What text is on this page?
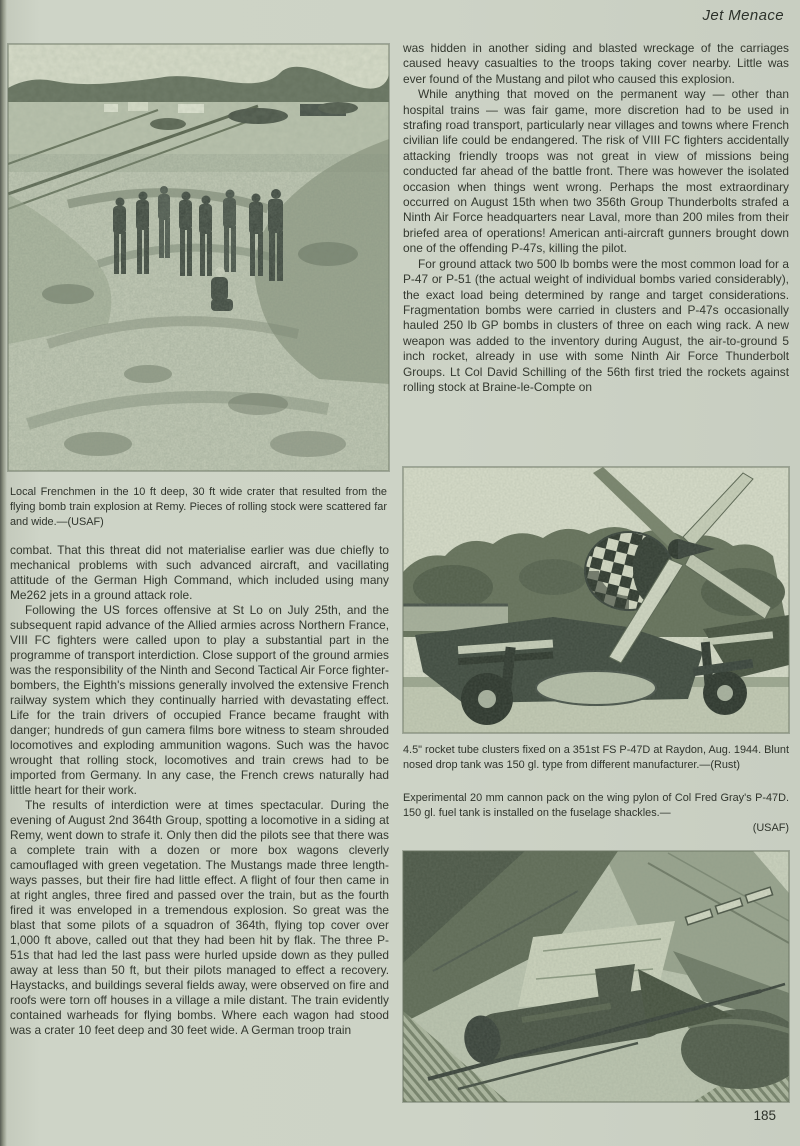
Jet Menace
Local Frenchmen in the 10 ft deep, 30 ft wide crater that resulted from the flying bomb train explosion at Remy. Pieces of rolling stock were scattered far and wide.—(USAF)

combat. That this threat did not materialise earlier was due chiefly to mechanical problems with such advanced aircraft, and vacillating attitude of the German High Command, which included using many Me262 jets in a ground attack role.

Following the US forces offensive at St Lo on July 25th, and the subsequent rapid advance of the Allied armies across Northern France, VIII FC fighters were called upon to play a substantial part in the programme of transport interdiction. Close support of the ground armies was the responsibility of the Ninth and Second Tactical Air Force fighter-bombers, the Eighth's missions generally involved the extensive French railway system which they continually harried with devastating effect. Life for the train drivers of occupied France became fraught with danger; hundreds of gun camera films bore witness to steam shrouded locomotives and exploding ammunition wagons. Such was the havoc wrought that rolling stock, locomotives and train crews had to be imported from Germany. In any case, the French crews naturally had little heart for their work.

The results of interdiction were at times spectacular. During the evening of August 2nd 364th Group, spotting a locomotive in a siding at Remy, went down to strafe it. Only then did the pilots see that there was a complete train with a dozen or more box wagons cleverly camouflaged with green vegetation. The Mustangs made three length-ways passes, but their fire had little effect. A flight of four then came in at right angles, three fired and passed over the train, but as the fourth fired it was enveloped in a tremendous explosion. So great was the blast that some pilots of a squadron of 364th, flying top cover over 1,000 ft above, called out that they had been hit by flak. The three P-51s that had led the last pass were hurled upside down as they pulled away at less than 50 ft, but their pilots managed to effect a recovery. Haystacks, and buildings several fields away, were observed on fire and roofs were torn off houses in a village a mile distant. The train evidently contained warheads for flying bombs. Where each wagon had stood was a crater 10 feet deep and 30 feet wide. A German troop train

was hidden in another siding and blasted wreckage of the carriages caused heavy casualties to the troops taking cover nearby. Little was ever found of the Mustang and pilot who caused this explosion.

While anything that moved on the permanent way — other than hospital trains — was fair game, more discretion had to be used in strafing road transport, particularly near villages and towns where French civilian life could be endangered. The risk of VIII FC fighters accidentally attacking friendly troops was not great in view of missions being conducted far ahead of the battle front. There was however the isolated occasion when things went wrong. Perhaps the most extraordinary occurred on August 15th when two 356th Group Thunderbolts strafed a Ninth Air Force headquarters near Laval, more than 200 miles from their briefed area of operations! American anti-aircraft gunners brought down one of the offending P-47s, killing the pilot.

For ground attack two 500 lb bombs were the most common load for a P-47 or P-51 (the actual weight of individual bombs varied considerably), the exact load being determined by range and target considerations. Fragmentation bombs were carried in clusters and P-47s occasionally hauled 250 lb GP bombs in clusters of three on each wing rack. A new weapon was added to the inventory during August, the air-to-ground 5 inch rocket, already in use with some Ninth Air Force Thunderbolt Groups. Lt Col David Schilling of the 56th first tried the rockets against rolling stock at Braine-le-Compte on

4.5" rocket tube clusters fixed on a 351st FS P-47D at Raydon, Aug. 1944. Blunt nosed drop tank was 150 gl. type from different manufacturer.—(Rust)
Experimental 20 mm cannon pack on the wing pylon of Col Fred Gray's P-47D. 150 gl. fuel tank is installed on the fuselage shackles.—
(USAF)
185
